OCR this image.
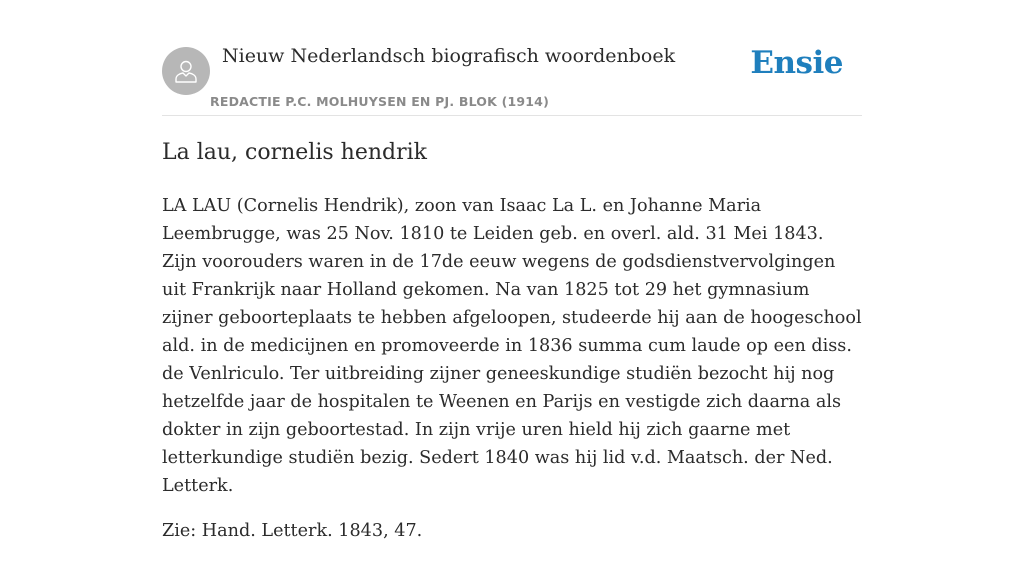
Nieuw Nederlandsch biografisch woordenboek
REDACTIE P.C. MOLHUYSEN EN PJ. BLOK (1914)
Ensie
La lau, cornelis hendrik

LA LAU (Cornelis Hendrik), zoon van Isaac La L. en Johanne Maria Leembrugge, was 25 Nov. 1810 te Leiden geb. en overl. ald. 31 Mei 1843. Zijn voorouders waren in de 17de eeuw wegens de godsdienstvervolgingen uit Frankrijk naar Holland gekomen. Na van 1825 tot 29 het gymnasium zijner geboorteplaats te hebben afgeloopen, studeerde hij aan de hoogeschool ald. in de medicijnen en promoveerde in 1836 summa cum laude op een diss. de Venlriculo. Ter uitbreiding zijner geneeskundige studiën bezocht hij nog hetzelfde jaar de hospitalen te Weenen en Parijs en vestigde zich daarna als dokter in zijn geboortestad. In zijn vrije uren hield hij zich gaarne met letterkundige studiën bezig. Sedert 1840 was hij lid v.d. Maatsch. der Ned. Letterk.

Zie: Hand. Letterk. 1843, 47.
